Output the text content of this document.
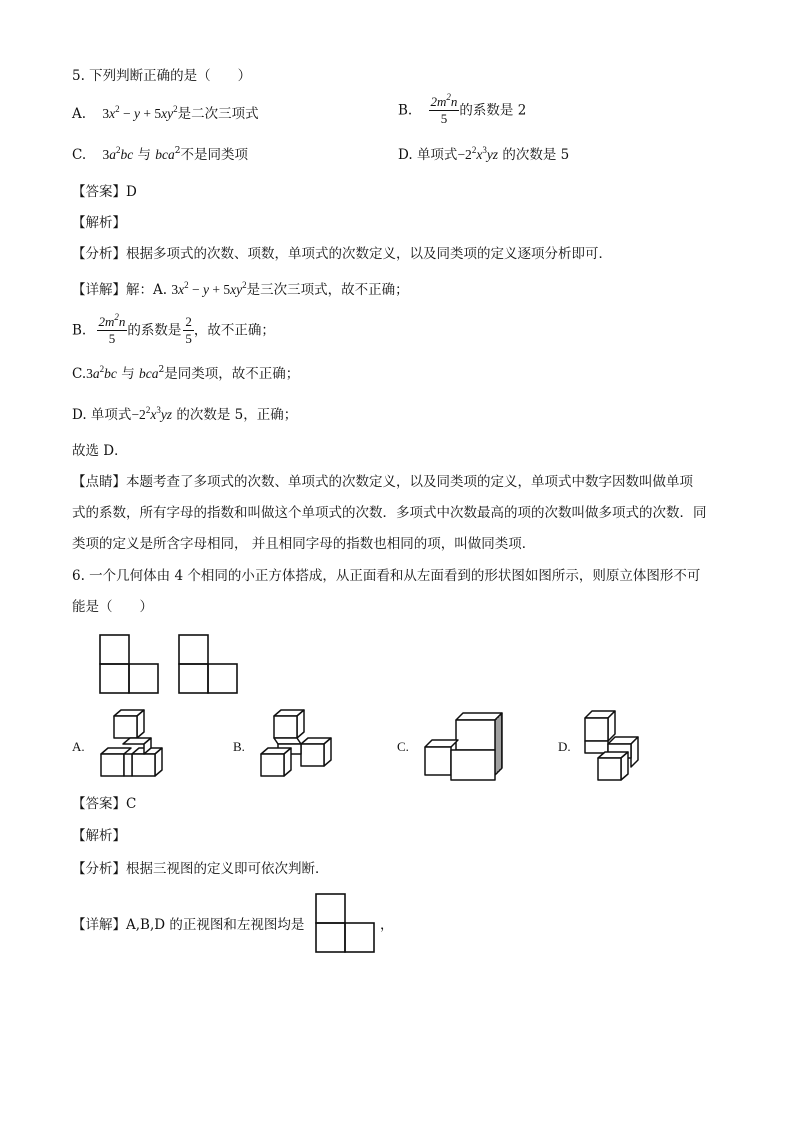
5. 下列判断正确的是（　　）
A. $3x^2 - y + 5xy^2$是二次三项式	B. $\frac{2m^2n}{5}$ 的系数是 2
C. $3a^2bc$ 与 bca$^2$不是同类项	D. 单项式$-2^2x^3yz$ 的次数是 5
【答案】D
【解析】
【分析】根据多项式的次数、项数，单项式的次数定义，以及同类项的定义逐项分析即可．
【详解】解：A. $3x^2 - y + 5xy^2$是三次三项式，故不正确；
B. $\frac{2m^2n}{5}$ 的系数是 $\frac{2}{5}$ ，故不正确；
$C.3a^2bc$ 与 bca$^2$是同类项，故不正确；
D. 单项式$-2^2x^3yz$ 的次数是 5，正确；
故选 D．
【点睛】本题考查了多项式的次数、单项式的次数定义，以及同类项的定义，单项式中数字因数叫做单项
式的系数，所有字母的指数和叫做这个单项式的次数．多项式中次数最高的项的次数叫做多项式的次数．同
类项的定义是所含字母相同， 并且相同字母的指数也相同的项，叫做同类项．
6. 一个几何体由 4 个相同的小正方体搭成，从正面看和从左面看到的形状图如图所示，则原立体图形不可
能是（　　）
A.	B.	C.	D.
【答案】C
【解析】
【分析】根据三视图的定义即可依次判断．
【详解】A,B,D 的正视图和左视图均是	，
